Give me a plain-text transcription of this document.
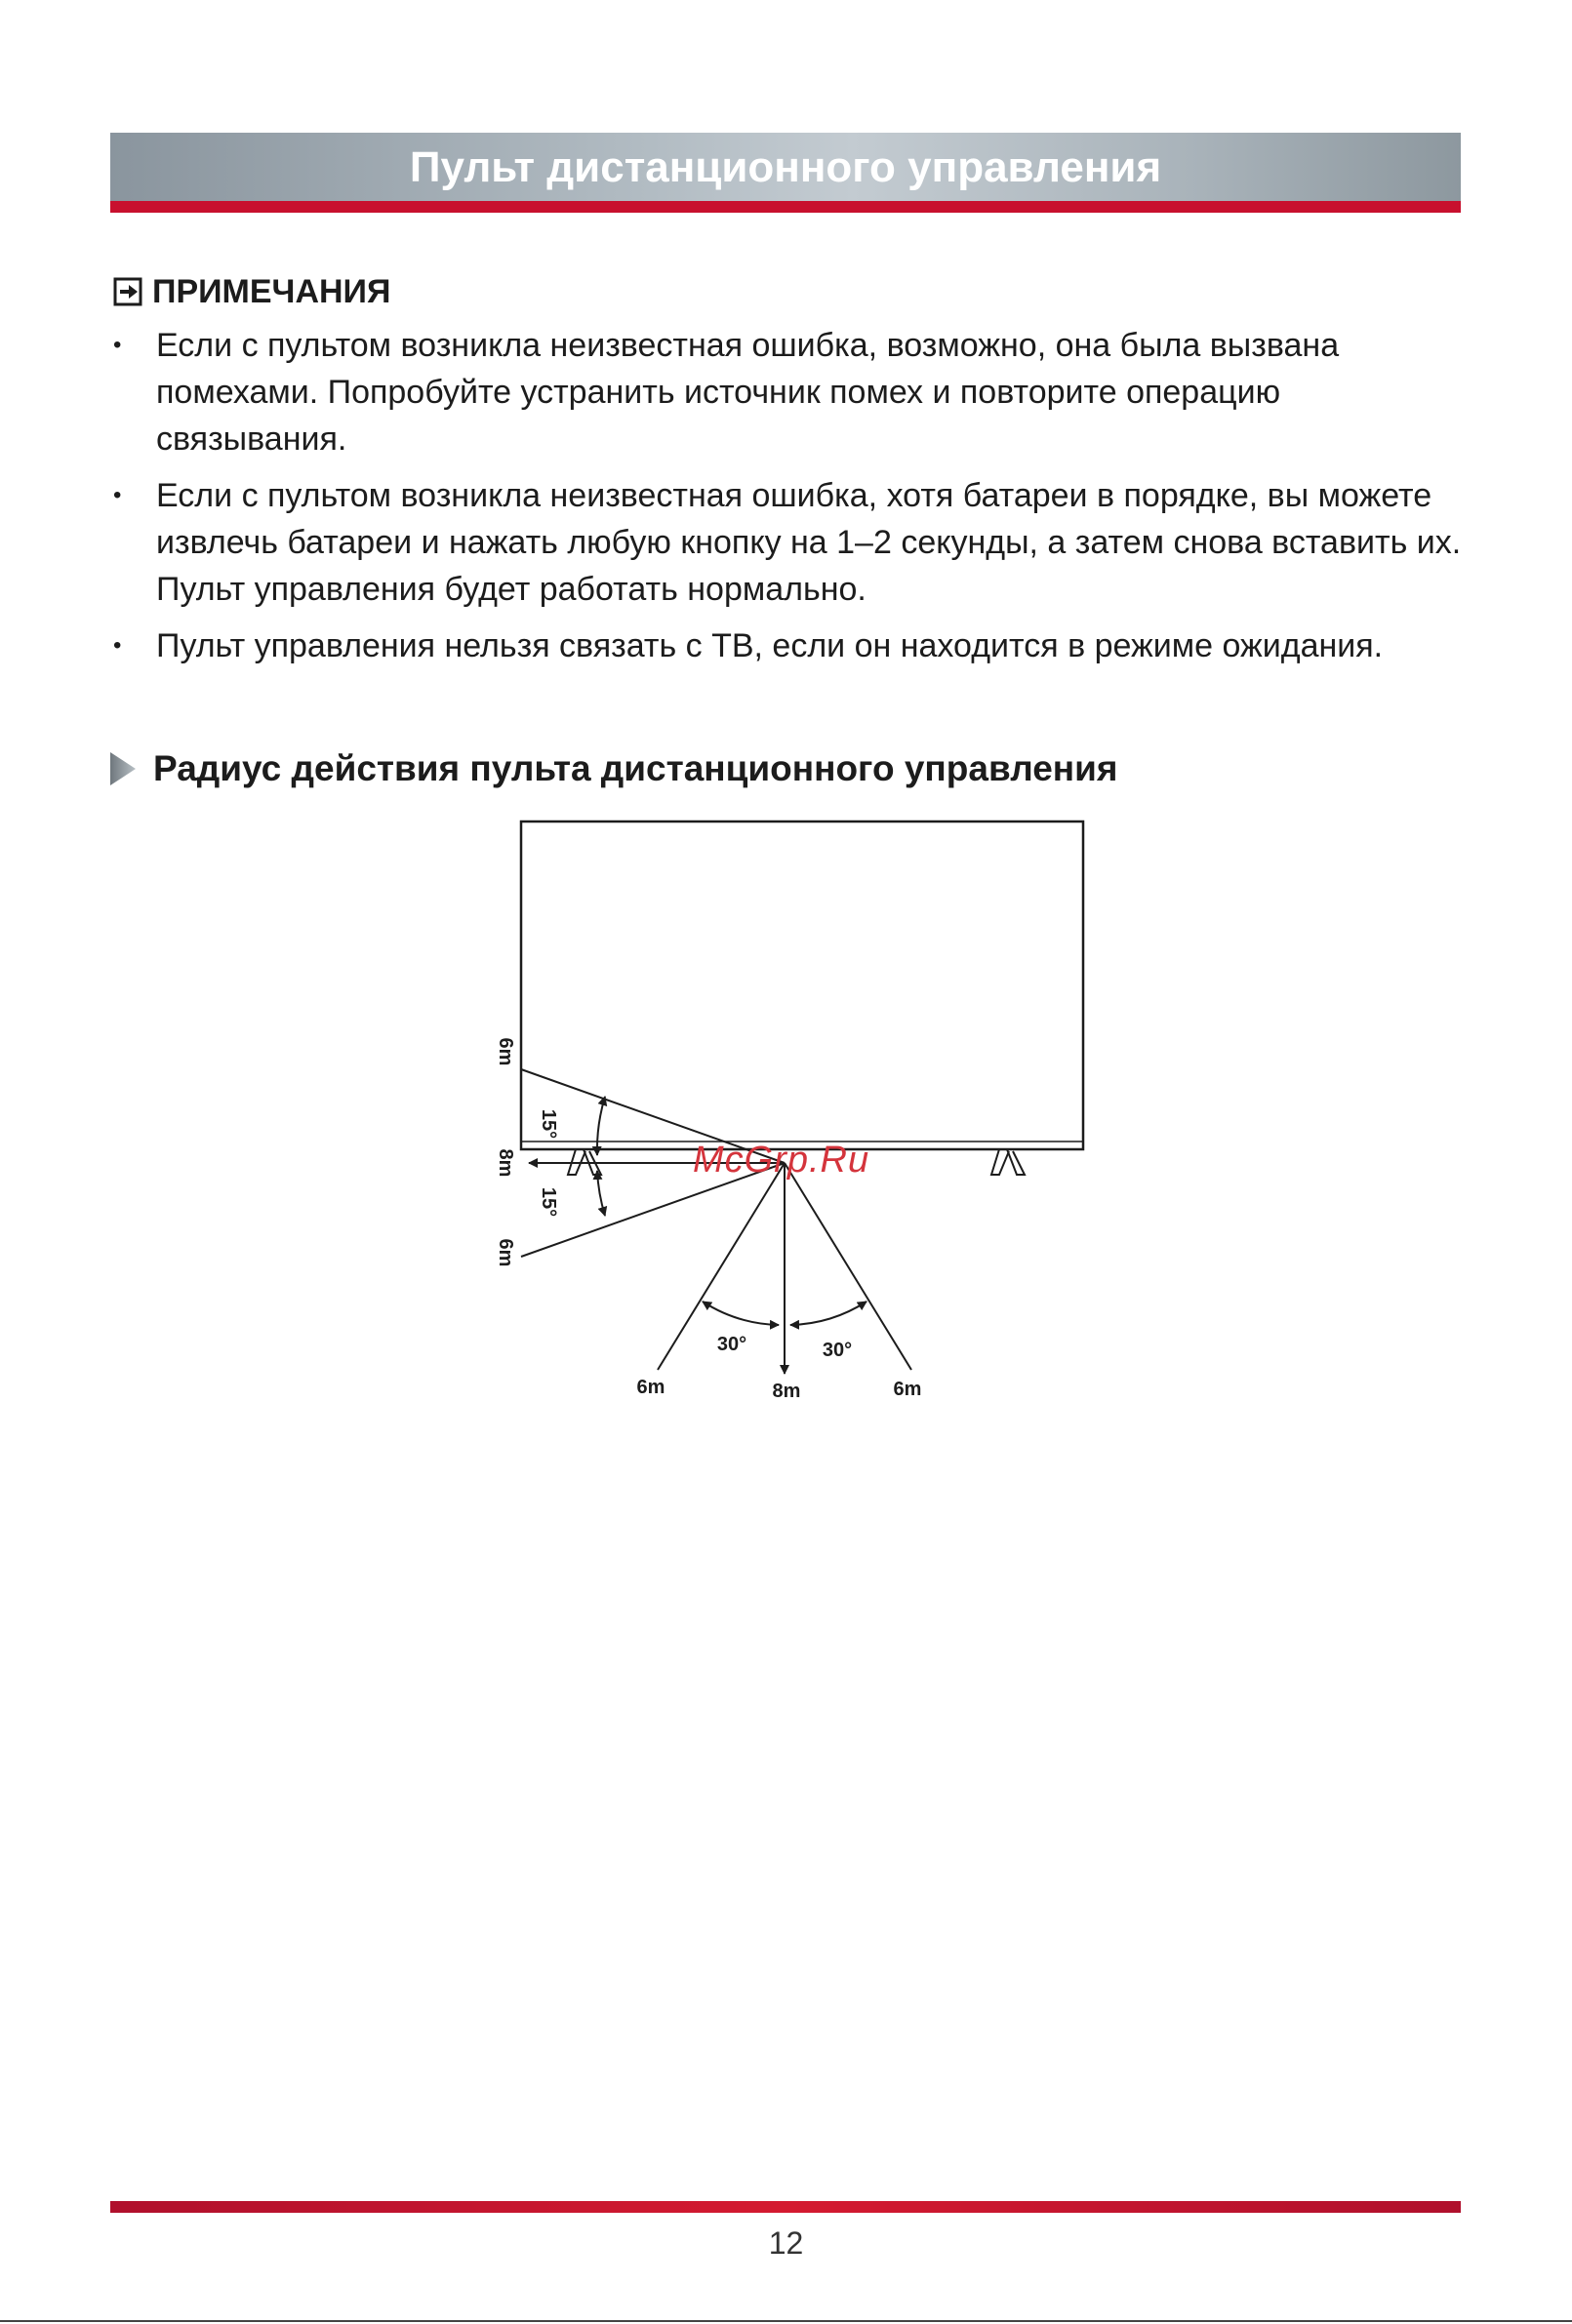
Пульт дистанционного управления
ПРИМЕЧАНИЯ
• Если с пультом возникла неизвестная ошибка, возможно, она была вызвана помехами. Попробуйте устранить источник помех и повторите операцию связывания.
• Если с пультом возникла неизвестная ошибка, хотя батареи в порядке, вы можете извлечь батареи и нажать любую кнопку на 1–2 секунды, а затем снова вставить их. Пульт управления будет работать нормально.
• Пульт управления нельзя связать с ТВ, если он находится в режиме ожидания.
Радиус действия пульта дистанционного управления
6m
8m
6m
15°
15°
6m	8m	6m
30°	30°
McGrp.Ru
12
